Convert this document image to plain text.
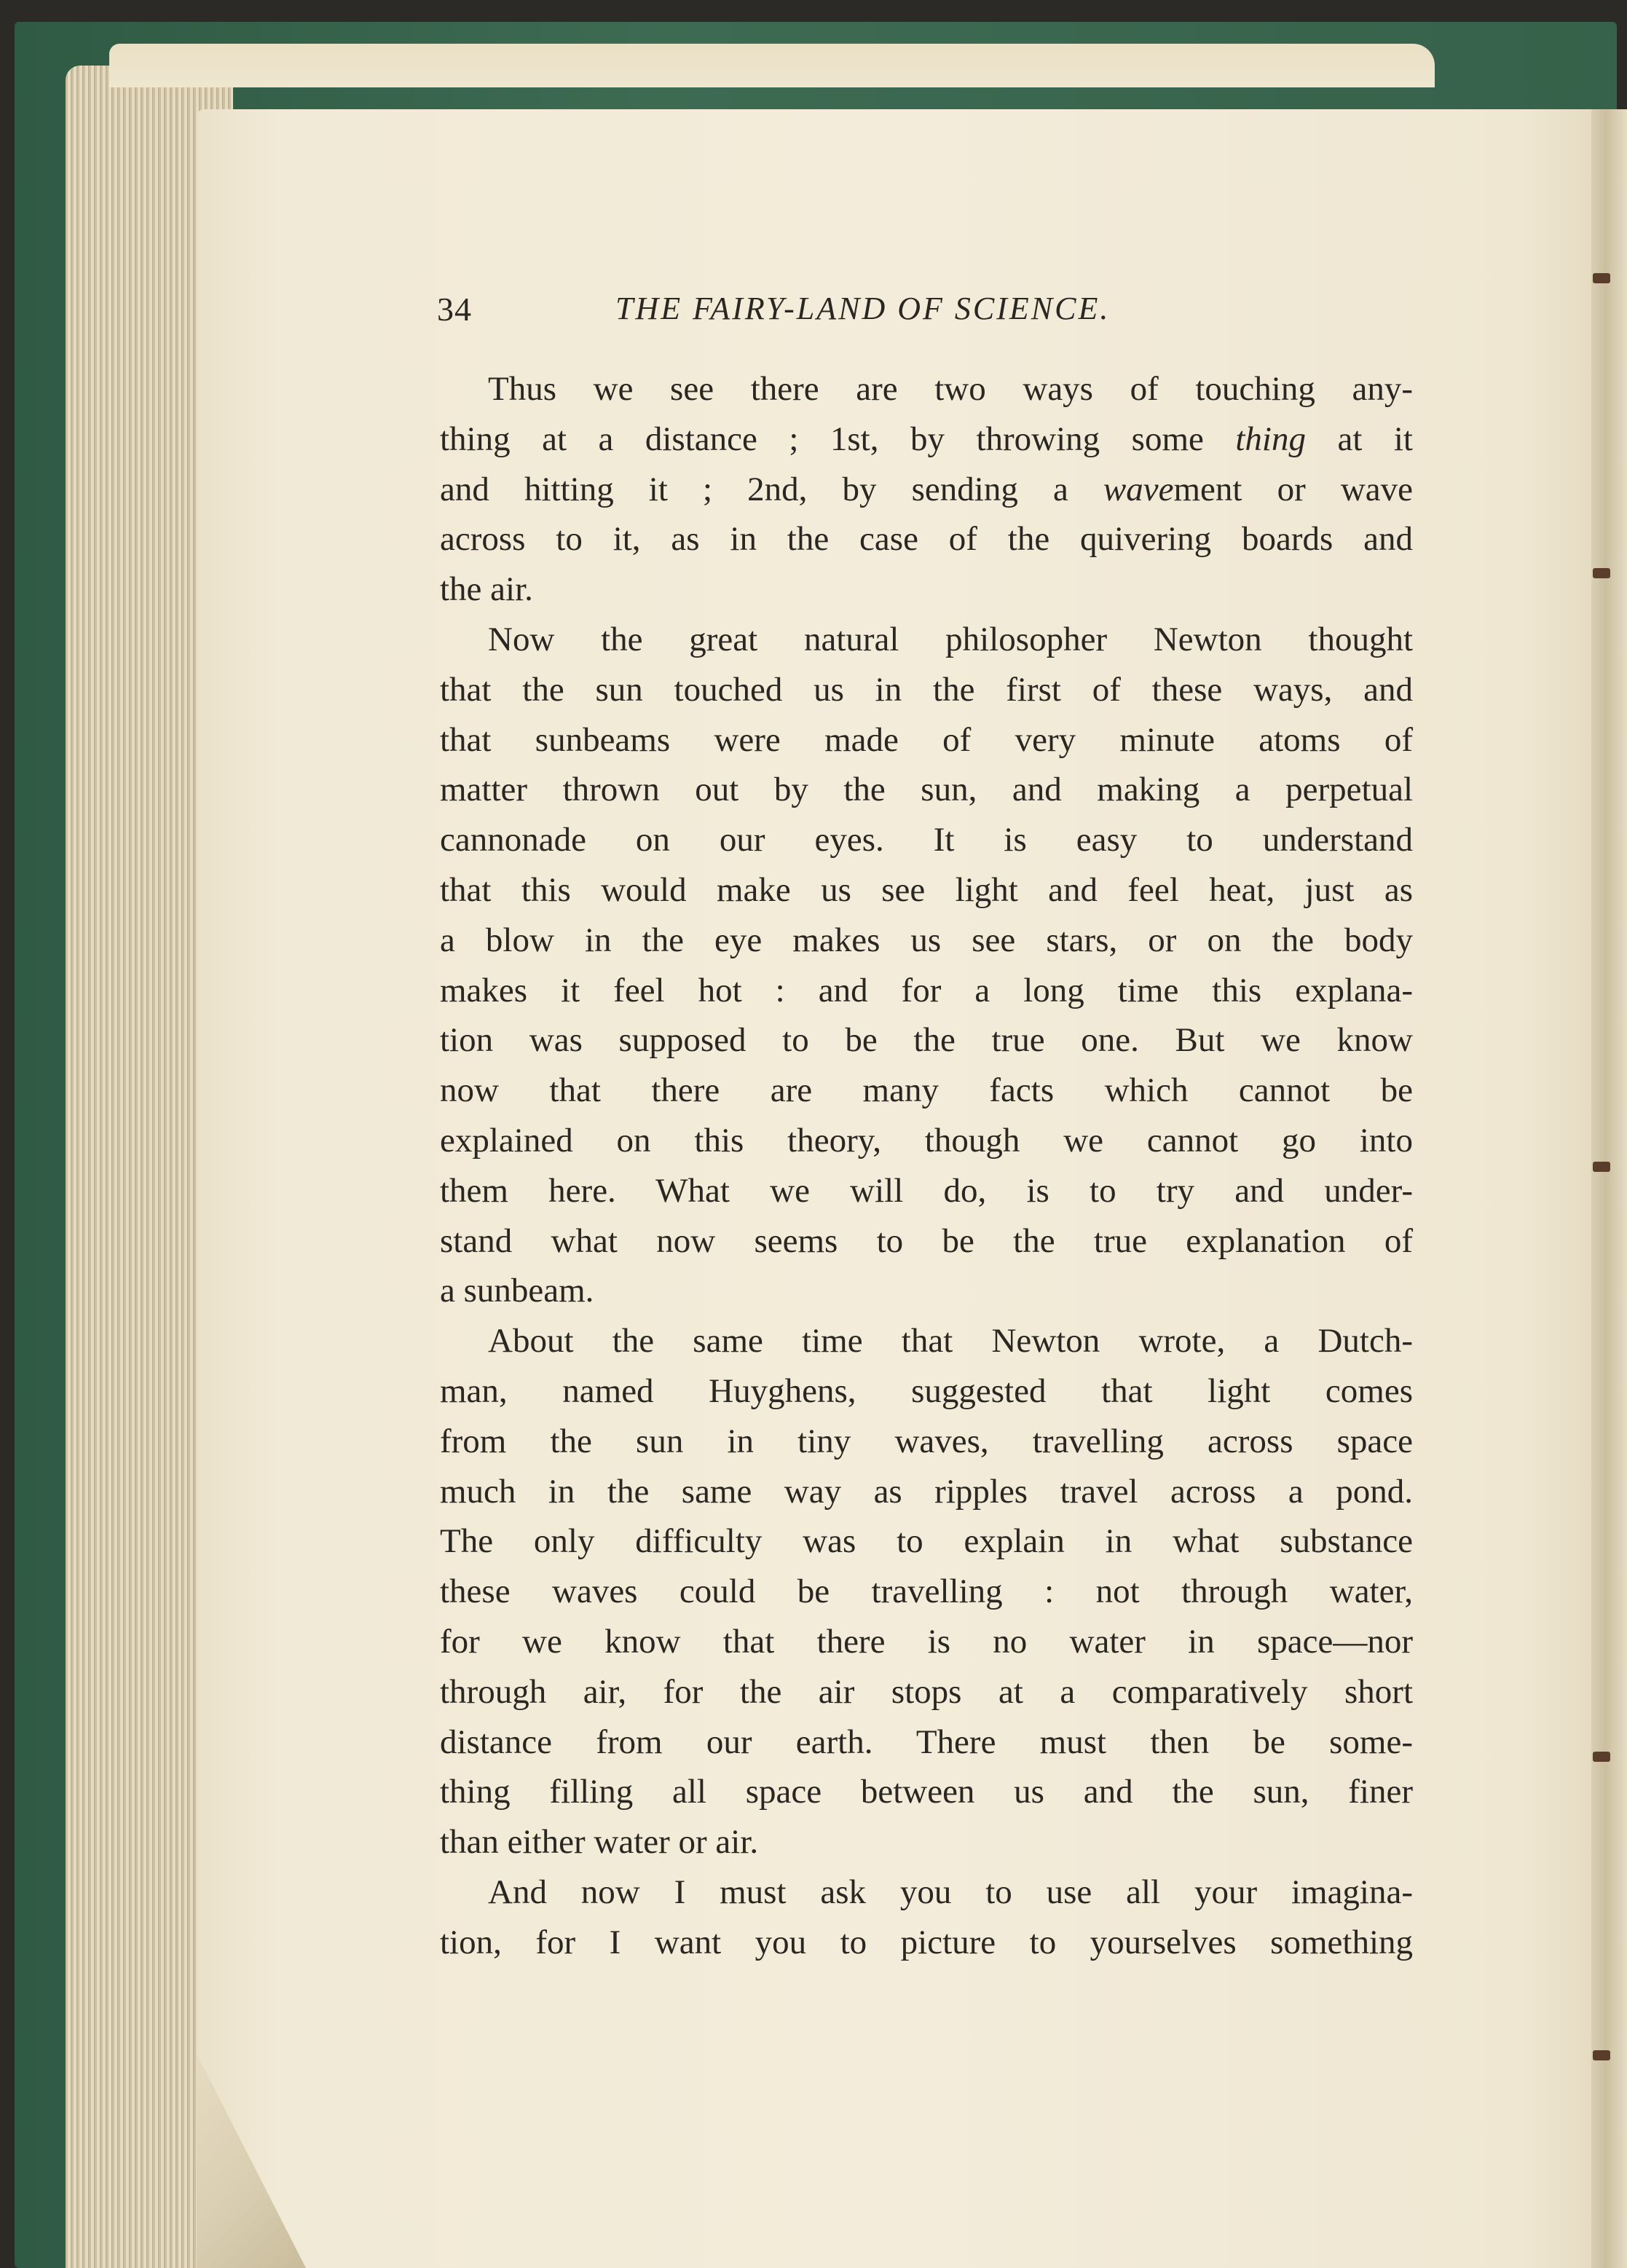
34	THE FAIRY-LAND OF SCIENCE.
Thus we see there are two ways of touching any-
thing at a distance ; 1st, by throwing some thing at it
and hitting it ; 2nd, by sending a wavement or wave
across to it, as in the case of the quivering boards and
the air.
Now the great natural philosopher Newton thought
that the sun touched us in the first of these ways, and
that sunbeams were made of very minute atoms of
matter thrown out by the sun, and making a perpetual
cannonade on our eyes. It is easy to understand
that this would make us see light and feel heat, just as
a blow in the eye makes us see stars, or on the body
makes it feel hot : and for a long time this explana-
tion was supposed to be the true one. But we know
now that there are many facts which cannot be
explained on this theory, though we cannot go into
them here. What we will do, is to try and under-
stand what now seems to be the true explanation of
a sunbeam.
About the same time that Newton wrote, a Dutch-
man, named Huyghens, suggested that light comes
from the sun in tiny waves, travelling across space
much in the same way as ripples travel across a pond.
The only difficulty was to explain in what substance
these waves could be travelling : not through water,
for we know that there is no water in space—nor
through air, for the air stops at a comparatively short
distance from our earth. There must then be some-
thing filling all space between us and the sun, finer
than either water or air.
And now I must ask you to use all your imagina-
tion, for I want you to picture to yourselves something
